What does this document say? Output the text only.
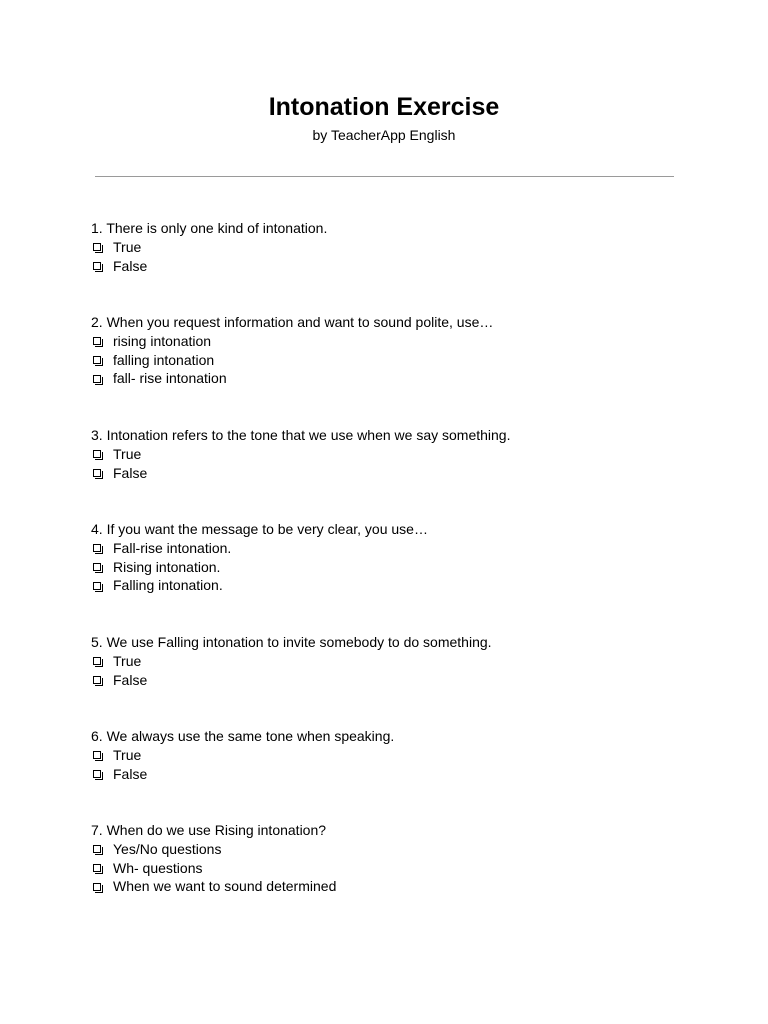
Intonation Exercise
by TeacherApp English
1. There is only one kind of intonation.
True
False
2. When you request information and want to sound polite, use…
rising intonation
falling intonation
fall- rise intonation
3. Intonation refers to the tone that we use when we say something.
True
False
4. If you want the message to be very clear, you use…
Fall-rise intonation.
Rising intonation.
Falling intonation.
5. We use Falling intonation to invite somebody to do something.
True
False
6. We always use the same tone when speaking.
True
False
7. When do we use Rising intonation?
Yes/No questions
Wh- questions
When we want to sound determined
